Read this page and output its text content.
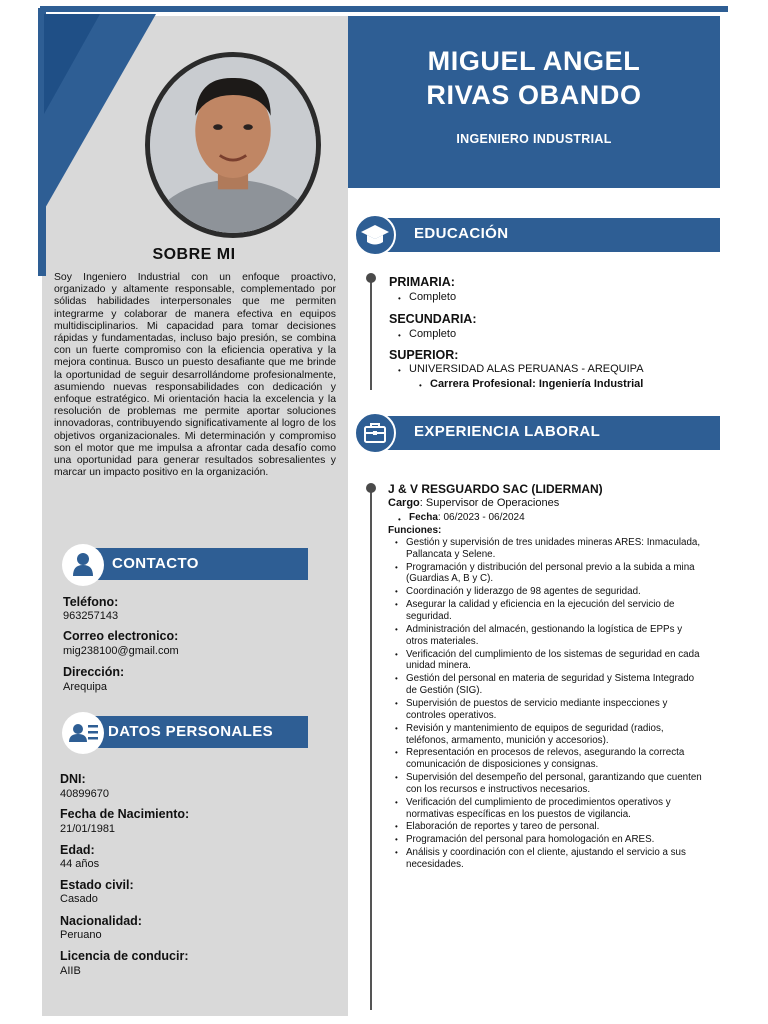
SOBRE MI

Soy Ingeniero Industrial con un enfoque proactivo, organizado y altamente responsable, complementado por sólidas habilidades interpersonales que me permiten integrarme y colaborar de manera efectiva en equipos multidisciplinarios. Mi capacidad para tomar decisiones rápidas y fundamentadas, incluso bajo presión, se combina con un fuerte compromiso con la eficiencia operativa y la mejora continua. Busco un puesto desafiante que me brinde la oportunidad de seguir desarrollándome profesionalmente, asumiendo nuevas responsabilidades con dedicación y enfoque estratégico. Mi orientación hacia la excelencia y la resolución de problemas me permite aportar soluciones innovadoras, contribuyendo significativamente al logro de los objetivos organizacionales. Mi determinación y compromiso son el motor que me impulsa a afrontar cada desafío como una oportunidad para generar resultados sobresalientes y marcar un impacto positivo en la organización.

CONTACTO
Teléfono:
963257143
Correo electronico:
mig238100@gmail.com
Dirección:
Arequipa
DATOS PERSONALES
DNI:
40899670
Fecha de Nacimiento:
21/01/1981
Edad:
44 años
Estado civil:
Casado
Nacionalidad:
Peruano
Licencia de conducir:
AIIB
MIGUEL ANGEL
RIVAS OBANDO
INGENIERO INDUSTRIAL
EDUCACIÓN
PRIMARIA:
• Completo
SECUNDARIA:
• Completo
SUPERIOR:
• UNIVERSIDAD ALAS PERUANAS - AREQUIPA
• Carrera Profesional: Ingeniería Industrial
EXPERIENCIA LABORAL
J & V RESGUARDO SAC (LIDERMAN)
Cargo: Supervisor de Operaciones
• Fecha: 06/2023 - 06/2024
Funciones:
• Gestión y supervisión de tres unidades mineras ARES: Inmaculada, Pallancata y Selene.
• Programación y distribución del personal previo a la subida a mina (Guardias A, B y C).
• Coordinación y liderazgo de 98 agentes de seguridad.
• Asegurar la calidad y eficiencia en la ejecución del servicio de seguridad.
• Administración del almacén, gestionando la logística de EPPs y otros materiales.
• Verificación del cumplimiento de los sistemas de seguridad en cada unidad minera.
• Gestión del personal en materia de seguridad y Sistema Integrado de Gestión (SIG).
• Supervisión de puestos de servicio mediante inspecciones y controles operativos.
• Revisión y mantenimiento de equipos de seguridad (radios, teléfonos, armamento, munición y accesorios).
• Representación en procesos de relevos, asegurando la correcta comunicación de disposiciones y consignas.
• Supervisión del desempeño del personal, garantizando que cuenten con los recursos e instructivos necesarios.
• Verificación del cumplimiento de procedimientos operativos y normativas específicas en los puestos de vigilancia.
• Elaboración de reportes y tareo de personal.
• Programación del personal para homologación en ARES.
• Análisis y coordinación con el cliente, ajustando el servicio a sus necesidades.
